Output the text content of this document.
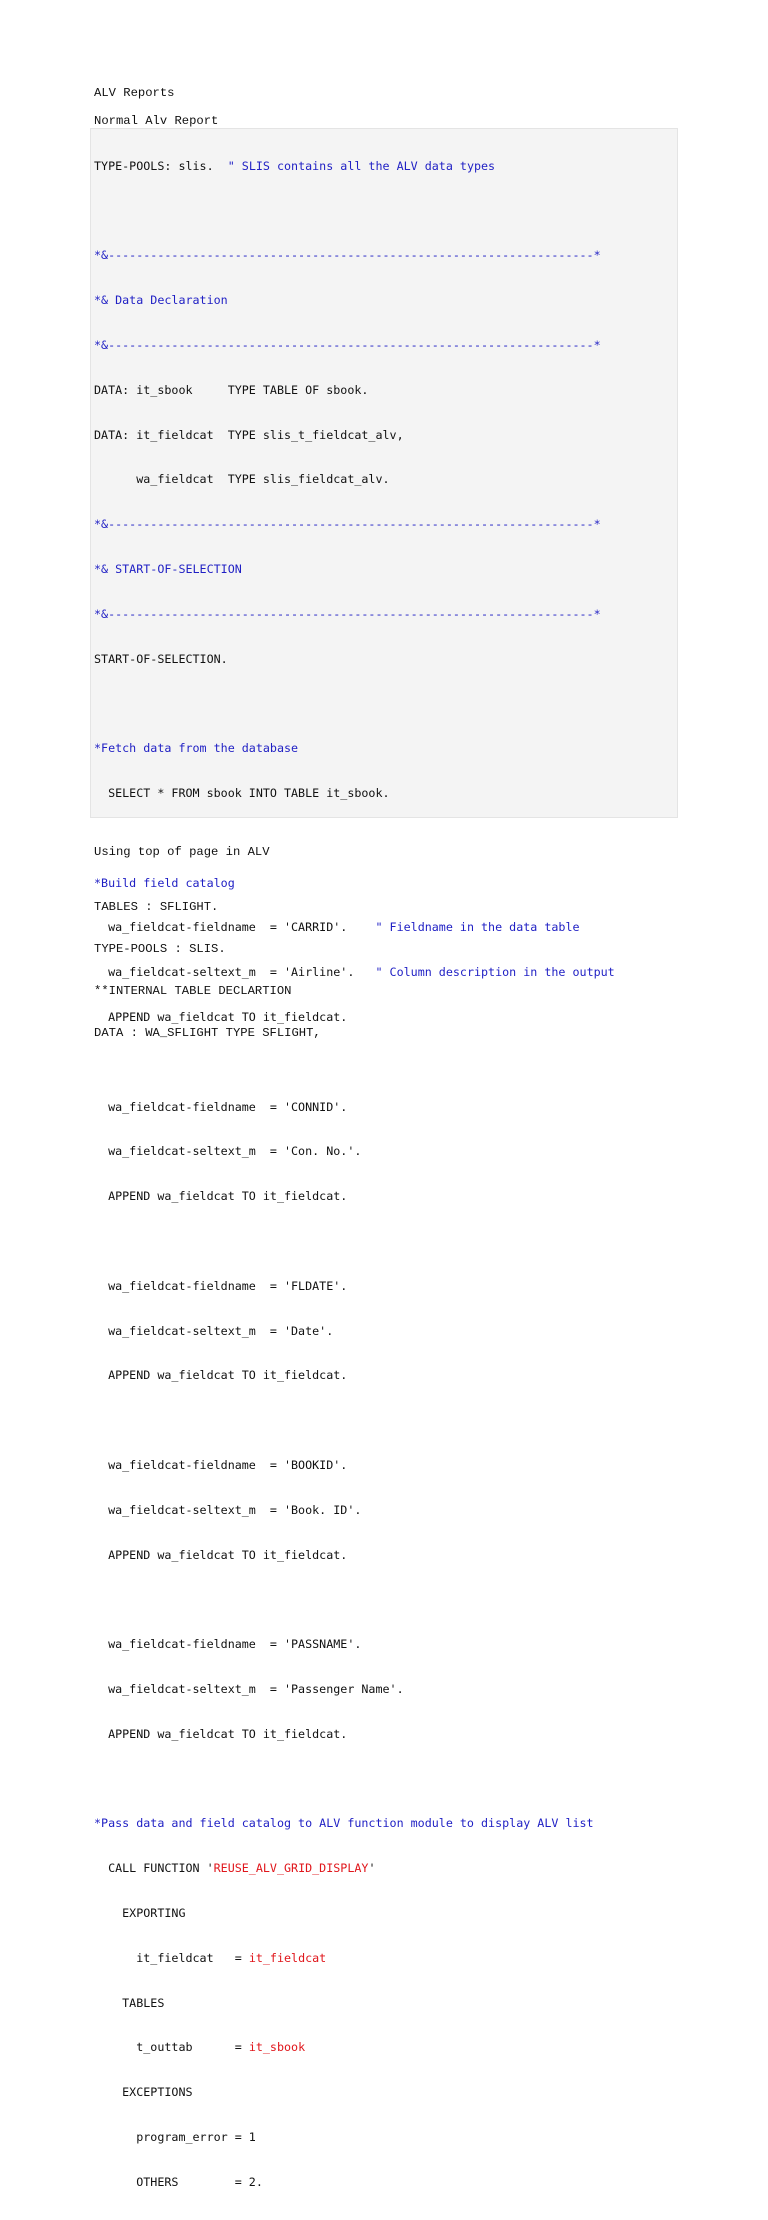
ALV Reports
Normal Alv Report

TYPE-POOLS: slis.  " SLIS contains all the ALV data types

*&---------------------------------------------------------------------*

*& Data Declaration

*&---------------------------------------------------------------------*

DATA: it_sbook     TYPE TABLE OF sbook.

DATA: it_fieldcat  TYPE slis_t_fieldcat_alv,

wa_fieldcat  TYPE slis_fieldcat_alv.

*&---------------------------------------------------------------------*

*& START-OF-SELECTION

*&---------------------------------------------------------------------*

START-OF-SELECTION.

*Fetch data from the database

SELECT * FROM sbook INTO TABLE it_sbook.

*Build field catalog

wa_fieldcat-fieldname  = 'CARRID'.    " Fieldname in the data table

wa_fieldcat-seltext_m  = 'Airline'.   " Column description in the output

APPEND wa_fieldcat TO it_fieldcat.

wa_fieldcat-fieldname  = 'CONNID'.

wa_fieldcat-seltext_m  = 'Con. No.'.

APPEND wa_fieldcat TO it_fieldcat.

wa_fieldcat-fieldname  = 'FLDATE'.

wa_fieldcat-seltext_m  = 'Date'.

APPEND wa_fieldcat TO it_fieldcat.

wa_fieldcat-fieldname  = 'BOOKID'.

wa_fieldcat-seltext_m  = 'Book. ID'.

APPEND wa_fieldcat TO it_fieldcat.

wa_fieldcat-fieldname  = 'PASSNAME'.

wa_fieldcat-seltext_m  = 'Passenger Name'.

APPEND wa_fieldcat TO it_fieldcat.

*Pass data and field catalog to ALV function module to display ALV list

CALL FUNCTION 'REUSE_ALV_GRID_DISPLAY'

EXPORTING

it_fieldcat   = it_fieldcat

TABLES

t_outtab      = it_sbook

EXCEPTIONS

program_error = 1

OTHERS        = 2.

Using top of page in ALV

TABLES : SFLIGHT.

TYPE-POOLS : SLIS.

**INTERNAL TABLE DECLARTION

DATA : WA_SFLIGHT TYPE SFLIGHT,
